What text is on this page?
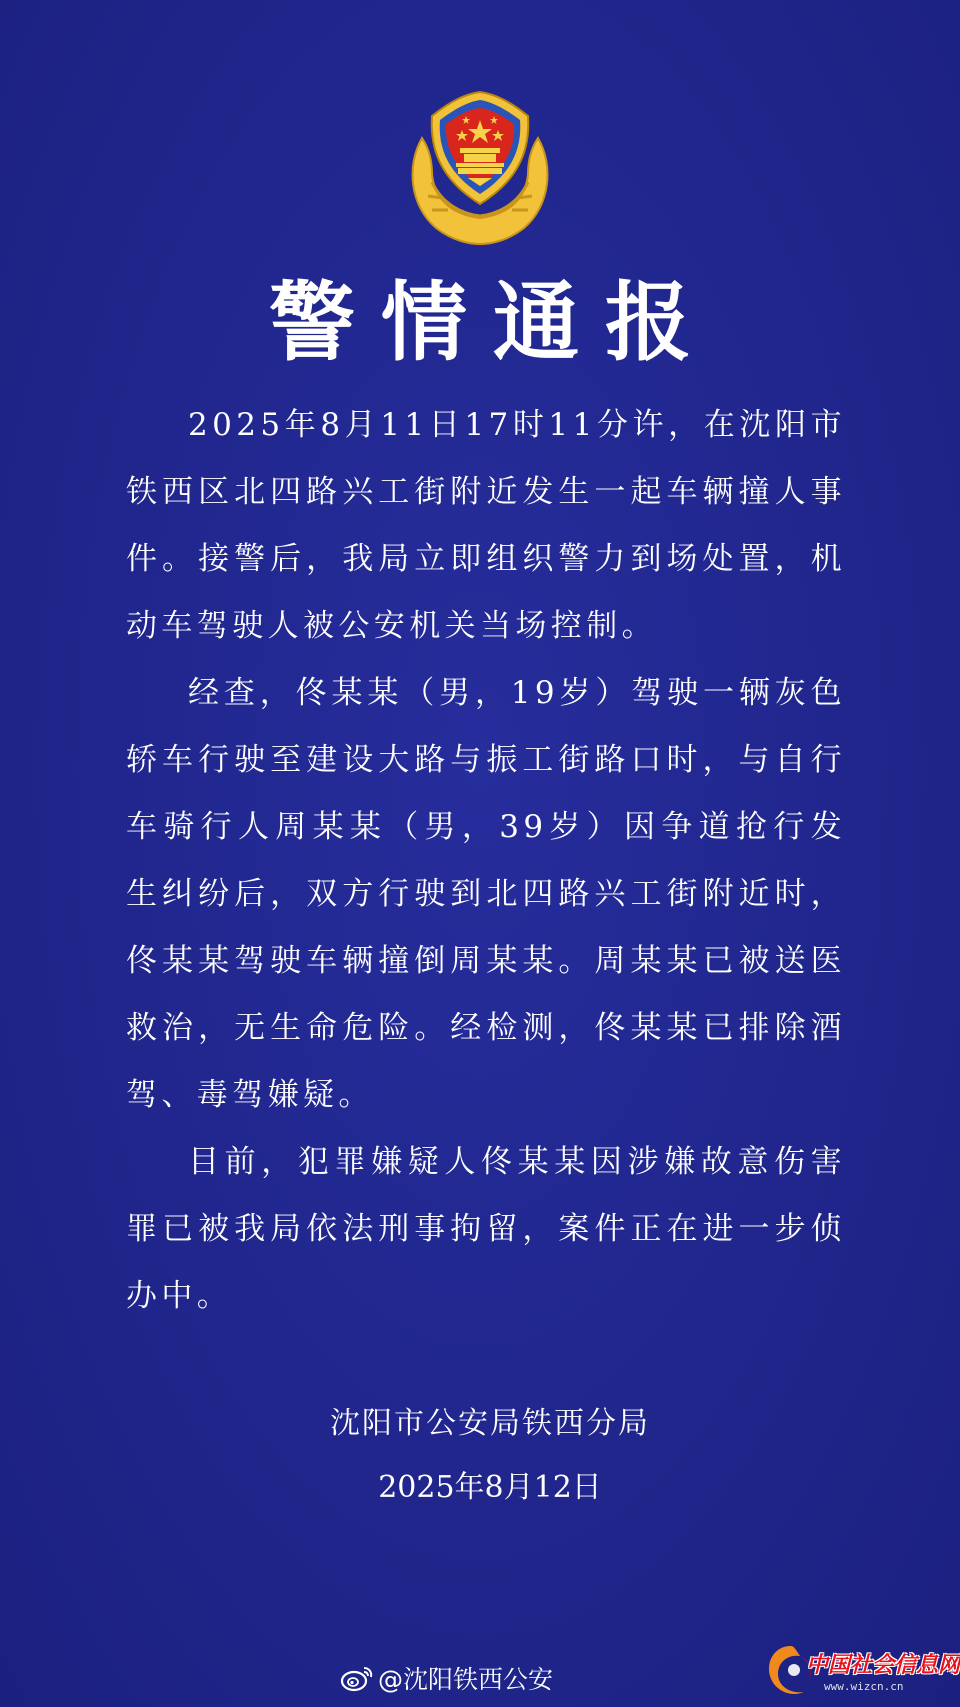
警情通报

2025年8月11日17时11分许，在沈阳市铁西区北四路兴工街附近发生一起车辆撞人事件。接警后，我局立即组织警力到场处置，机动车驾驶人被公安机关当场控制。

经查，佟某某（男，19岁）驾驶一辆灰色轿车行驶至建设大路与振工街路口时，与自行车骑行人周某某（男，39岁）因争道抢行发生纠纷后，双方行驶到北四路兴工街附近时，佟某某驾驶车辆撞倒周某某。周某某已被送医救治，无生命危险。经检测，佟某某已排除酒驾、毒驾嫌疑。

目前，犯罪嫌疑人佟某某因涉嫌故意伤害罪已被我局依法刑事拘留，案件正在进一步侦办中。

沈阳市公安局铁西分局
2025年8月12日
@沈阳铁西公安	中国社会信息网
www.wizcn.cn
